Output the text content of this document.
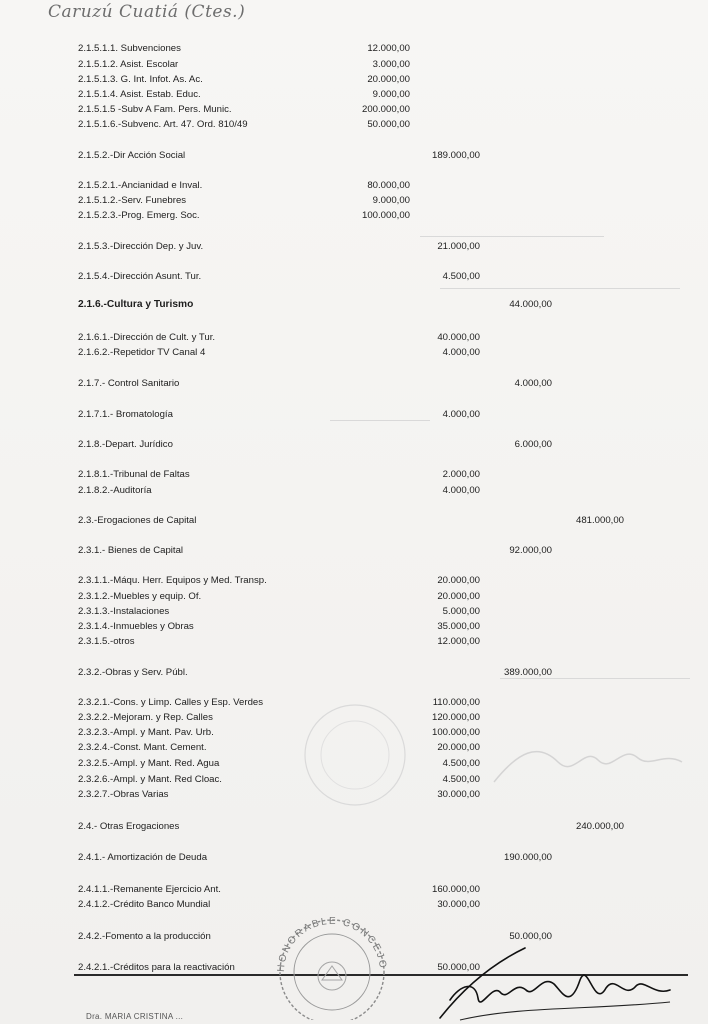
Caruzú Cuatiá (Ctes.)
2.1.5.1.1. Subvenciones	12.000,00
2.1.5.1.2. Asist. Escolar	3.000,00
2.1.5.1.3. G. Int. Infot. As. Ac.	20.000,00
2.1.5.1.4. Asist. Estab. Educ.	9.000,00
2.1.5.1.5 -Subv A Fam. Pers. Munic.	200.000,00
2.1.5.1.6.-Subvenc. Art. 47. Ord. 810/49	50.000,00
2.1.5.2.-Dir Acción Social	189.000,00
2.1.5.2.1.-Ancianidad e Inval.	80.000,00
2.1.5.1.2.-Serv. Funebres	9.000,00
2.1.5.2.3.-Prog. Emerg. Soc.	100.000,00
2.1.5.3.-Dirección Dep. y Juv.	21.000,00
2.1.5.4.-Dirección Asunt. Tur.	4.500,00
2.1.6.-Cultura y Turismo	44.000,00
2.1.6.1.-Dirección de Cult. y Tur.	40.000,00
2.1.6.2.-Repetidor TV Canal 4	4.000,00
2.1.7.- Control Sanitario	4.000,00
2.1.7.1.- Bromatología	4.000,00
2.1.8.-Depart. Jurídico	6.000,00
2.1.8.1.-Tribunal de Faltas	2.000,00
2.1.8.2.-Auditoría	4.000,00
2.3.-Erogaciones de Capital	481.000,00
2.3.1.- Bienes de Capital	92.000,00
2.3.1.1.-Máqu. Herr. Equipos y Med. Transp.	20.000,00
2.3.1.2.-Muebles y equip. Of.	20.000,00
2.3.1.3.-Instalaciones	5.000,00
2.3.1.4.-Inmuebles y Obras	35.000,00
2.3.1.5.-otros	12.000,00
2.3.2.-Obras y Serv. Públ.	389.000,00
2.3.2.1.-Cons. y Limp. Calles y Esp. Verdes	110.000,00
2.3.2.2.-Mejoram. y Rep. Calles	120.000,00
2.3.2.3.-Ampl. y Mant. Pav. Urb.	100.000,00
2.3.2.4.-Const. Mant. Cement.	20.000,00
2.3.2.5.-Ampl. y Mant. Red. Agua	4.500,00
2.3.2.6.-Ampl. y Mant. Red Cloac.	4.500,00
2.3.2.7.-Obras Varias	30.000,00
2.4.- Otras Erogaciones	240.000,00
2.4.1.- Amortización de Deuda	190.000,00
2.4.1.1.-Remanente Ejercicio Ant.	160.000,00
2.4.1.2.-Crédito Banco Mundial	30.000,00
2.4.2.-Fomento a la producción	50.000,00
2.4.2.1.-Créditos para la reactivación	50.000,00
HONORABLE CONCEJO
Dra. MARIA CRISTINA ...
